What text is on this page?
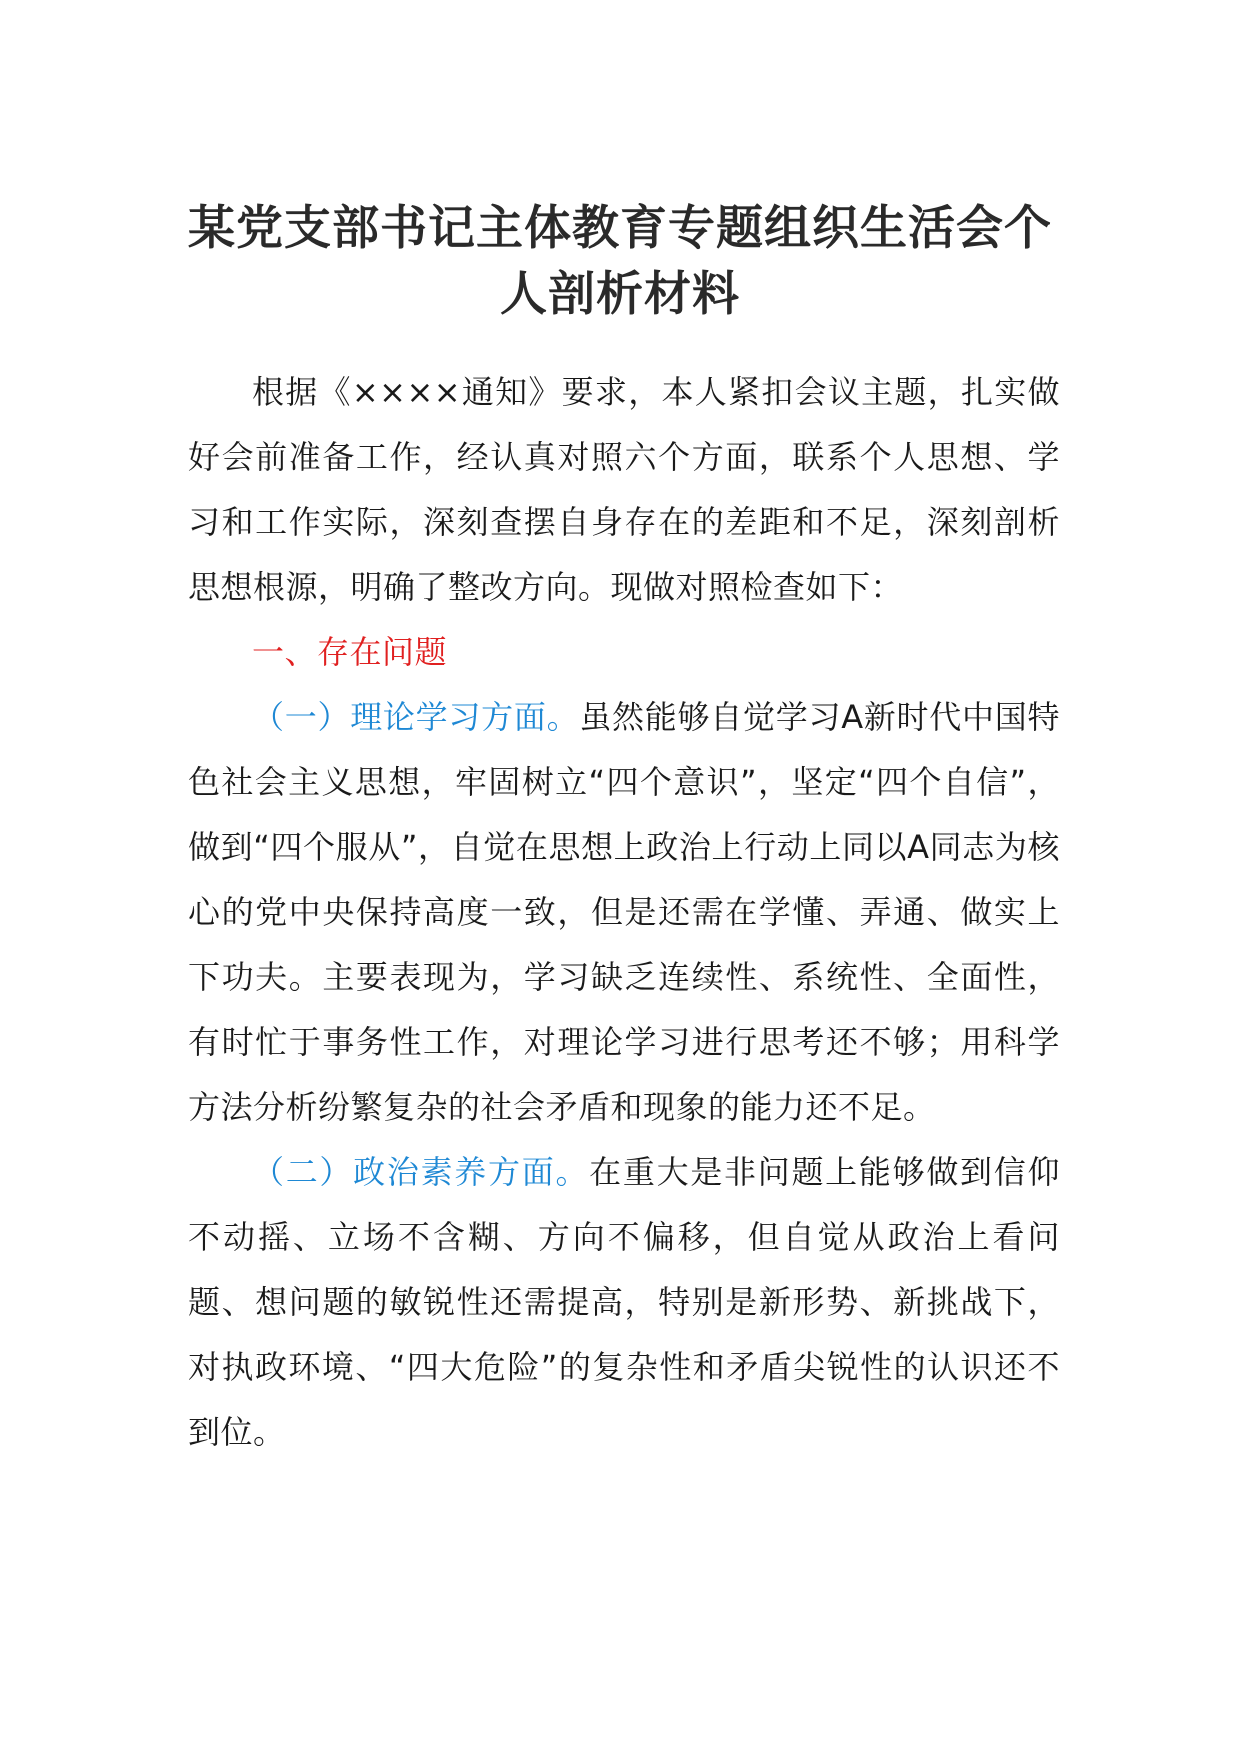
某党支部书记主体教育专题组织生活会个人剖析材料

根据《××××通知》要求，本人紧扣会议主题，扎实做好会前准备工作，经认真对照六个方面，联系个人思想、学习和工作实际，深刻查摆自身存在的差距和不足，深刻剖析思想根源，明确了整改方向。现做对照检查如下：

一、存在问题

（一）理论学习方面。虽然能够自觉学习A新时代中国特色社会主义思想，牢固树立“四个意识”，坚定“四个自信”，做到“四个服从”，自觉在思想上政治上行动上同以A同志为核心的党中央保持高度一致，但是还需在学懂、弄通、做实上下功夫。主要表现为，学习缺乏连续性、系统性、全面性，有时忙于事务性工作，对理论学习进行思考还不够；用科学方法分析纷繁复杂的社会矛盾和现象的能力还不足。

（二）政治素养方面。在重大是非问题上能够做到信仰不动摇、立场不含糊、方向不偏移，但自觉从政治上看问题、想问题的敏锐性还需提高，特别是新形势、新挑战下，对执政环境、“四大危险”的复杂性和矛盾尖锐性的认识还不到位。
